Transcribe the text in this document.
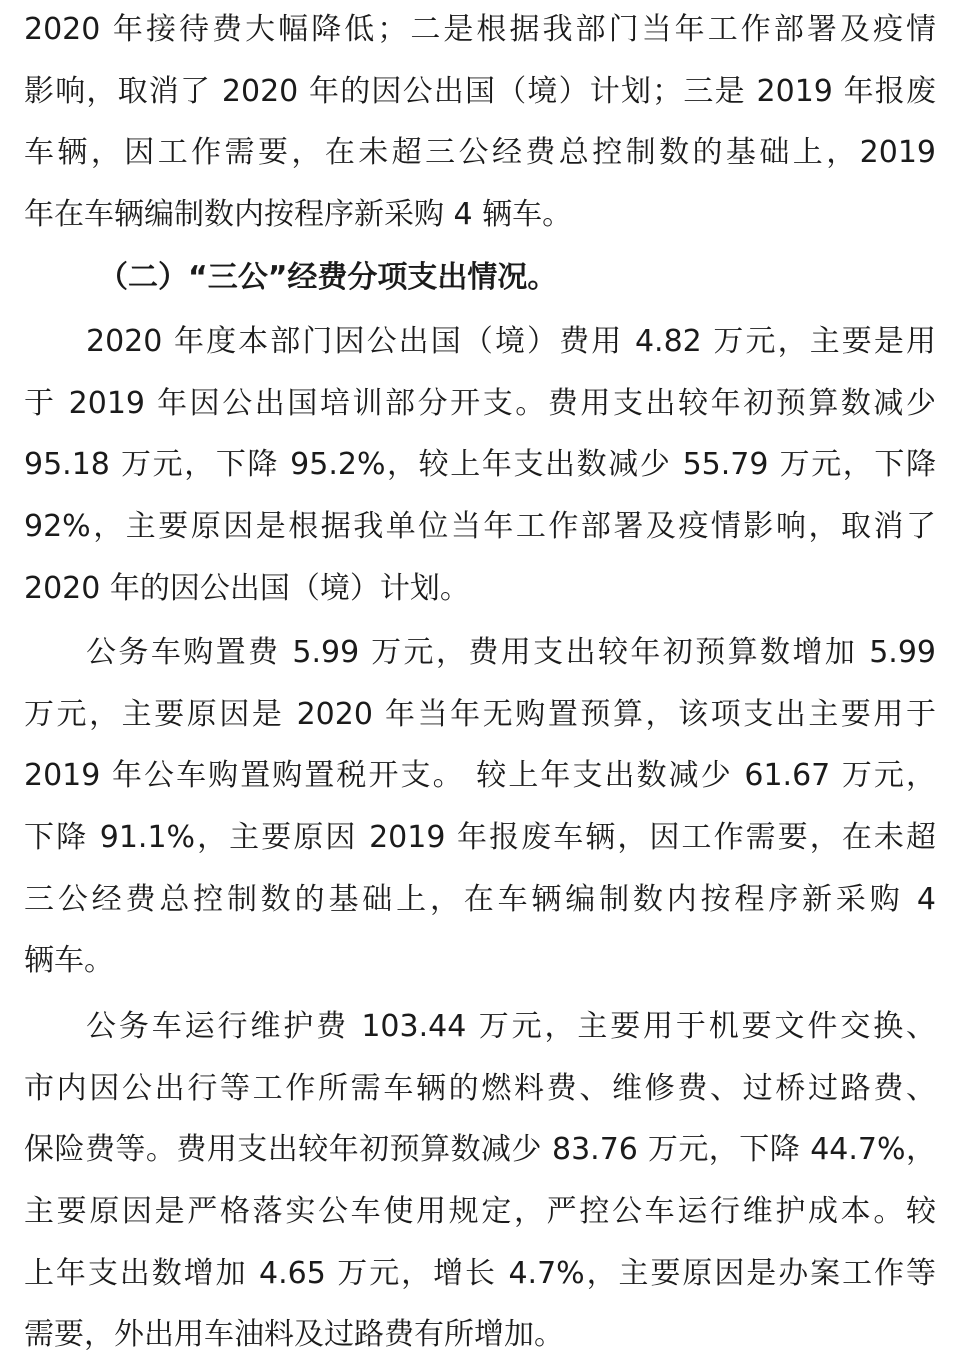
2020 年接待费大幅降低；二是根据我部门当年工作部署及疫情
影响，取消了 2020 年的因公出国（境）计划；三是 2019 年报废
车辆，因工作需要，在未超三公经费总控制数的基础上，2019
年在车辆编制数内按程序新采购 4 辆车。
（二）“三公”经费分项支出情况。
2020 年度本部门因公出国（境）费用 4.82 万元，主要是用
于 2019 年因公出国培训部分开支。费用支出较年初预算数减少
95.18 万元，下降 95.2%，较上年支出数减少 55.79 万元，下降
92%，主要原因是根据我单位当年工作部署及疫情影响，取消了
2020 年的因公出国（境）计划。
公务车购置费 5.99 万元，费用支出较年初预算数增加 5.99
万元，主要原因是 2020 年当年无购置预算，该项支出主要用于
2019 年公车购置购置税开支。 较上年支出数减少 61.67 万元，
下降 91.1%，主要原因 2019 年报废车辆，因工作需要，在未超
三公经费总控制数的基础上，在车辆编制数内按程序新采购 4
辆车。
公务车运行维护费 103.44 万元，主要用于机要文件交换、
市内因公出行等工作所需车辆的燃料费、维修费、过桥过路费、
保险费等。费用支出较年初预算数减少 83.76 万元，下降 44.7%，
主要原因是严格落实公车使用规定，严控公车运行维护成本。较
上年支出数增加 4.65 万元，增长 4.7%，主要原因是办案工作等
需要，外出用车油料及过路费有所增加。
